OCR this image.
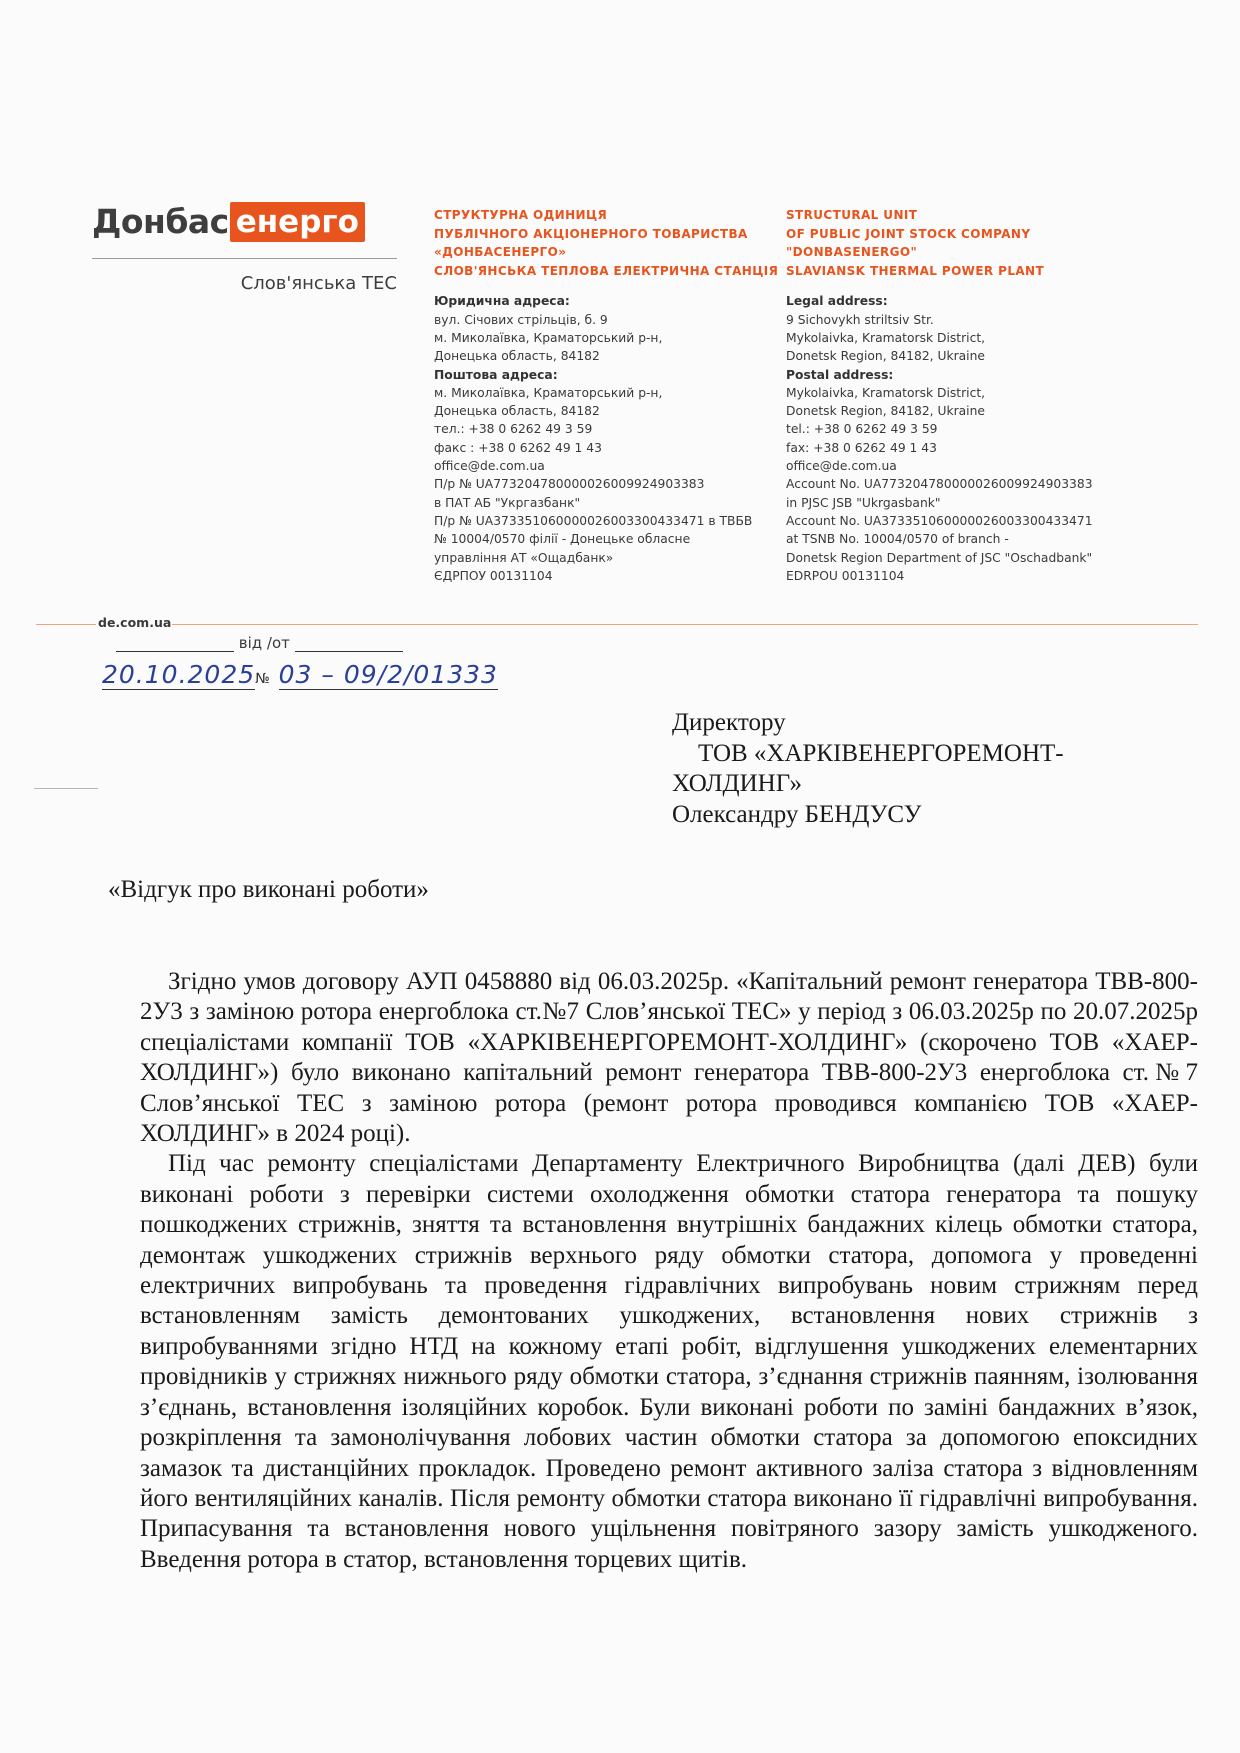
Донбас енерго
Слов'янська ТЕС
СТРУКТУРНА ОДИНИЦЯ
ПУБЛІЧНОГО АКЦІОНЕРНОГО ТОВАРИСТВА
«ДОНБАСЕНЕРГО»
СЛОВ'ЯНСЬКА ТЕПЛОВА ЕЛЕКТРИЧНА СТАНЦІЯ
Юридична адреса:
вул. Січових стрільців, б. 9
м. Миколаївка, Краматорський р-н,
Донецька область, 84182
Поштова адреса:
м. Миколаївка, Краматорський р-н,
Донецька область, 84182
тел.: +38 0 6262 49 3 59
факс : +38 0 6262 49 1 43
office@de.com.ua
П/р № UA773204780000026009924903383
в ПАТ АБ "Укргазбанк"
П/р № UA373351060000026003300433471 в ТВБВ
№ 10004/0570 філії - Донецьке обласне
управління АТ «Ощадбанк»
ЄДРПОУ 00131104
STRUCTURAL UNIT
OF PUBLIC JOINT STOCK COMPANY
"DONBASENERGO"
SLAVIANSK THERMAL POWER PLANT
Legal address:
9 Sichovykh striltsiv Str.
Mykolaivka, Kramatorsk District,
Donetsk Region, 84182, Ukraine
Postal address:
Mykolaivka, Kramatorsk District,
Donetsk Region, 84182, Ukraine
tel.: +38 0 6262 49 3 59
fax: +38 0 6262 49 1 43
office@de.com.ua
Account No. UA773204780000026009924903383
in PJSC JSB "Ukrgasbank"
Account No. UA373351060000026003300433471
at TSNB No. 10004/0570 of branch -
Donetsk Region Department of JSC "Oschadbank"
EDRPOU 00131104
de.com.ua
від /от
20.10.2025№ 03 – 09/2/01333
Директору
ТОВ «ХАРКІВЕНЕРГОРЕМОНТ-
ХОЛДИНГ»
Олександру БЕНДУСУ
«Відгук про виконані роботи»

Згідно умов договору АУП 0458880 від 06.03.2025р. «Капітальний ремонт генератора ТВВ-800-2У3 з заміною ротора енергоблока ст.№7 Слов’янської ТЕС» у період з 06.03.2025р по 20.07.2025р спеціалістами компанії ТОВ «ХАРКІВЕНЕРГОРЕМОНТ-ХОЛДИНГ» (скорочено ТОВ «ХАЕР-ХОЛДИНГ») було виконано капітальний ремонт генератора ТВВ-800-2У3 енергоблока ст.№7 Слов’янської ТЕС з заміною ротора (ремонт ротора проводився компанією ТОВ «ХАЕР-ХОЛДИНГ» в 2024 році).

Під час ремонту спеціалістами Департаменту Електричного Виробництва (далі ДЕВ) були виконані роботи з перевірки системи охолодження обмотки статора генератора та пошуку пошкоджених стрижнів, зняття та встановлення внутрішніх бандажних кілець обмотки статора, демонтаж ушкоджених стрижнів верхнього ряду обмотки статора, допомога у проведенні електричних випробувань та проведення гідравлічних випробувань новим стрижням перед встановленням замість демонтованих ушкоджених, встановлення нових стрижнів з випробуваннями згідно НТД на кожному етапі робіт, відглушення ушкоджених елементарних провідників у стрижнях нижнього ряду обмотки статора, з’єднання стрижнів паянням, ізолювання з’єднань, встановлення ізоляційних коробок. Були виконані роботи по заміні бандажних в’язок, розкріплення та замонолічування лобових частин обмотки статора за допомогою епоксидних замазок та дистанційних прокладок. Проведено ремонт активного заліза статора з відновленням його вентиляційних каналів. Після ремонту обмотки статора виконано її гідравлічні випробування. Припасування та встановлення нового ущільнення повітряного зазору замість ушкодженого. Введення ротора в статор, встановлення торцевих щитів.
